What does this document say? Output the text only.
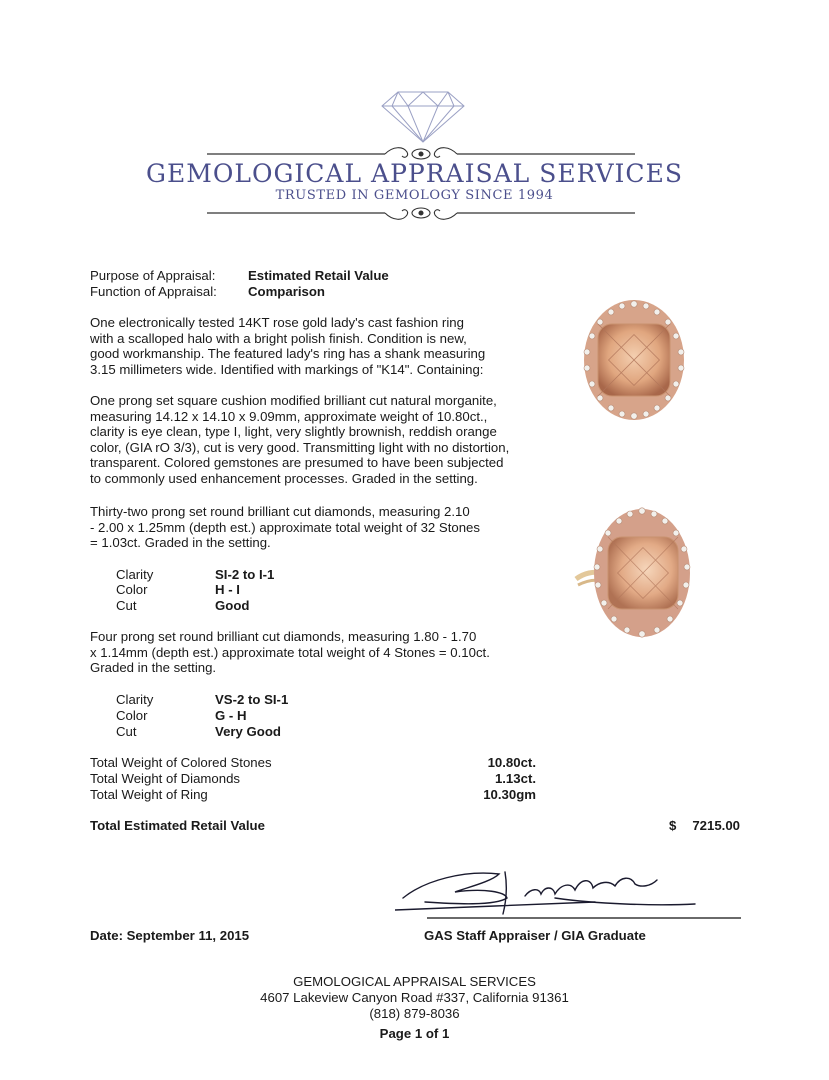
GEMOLOGICAL APPRAISAL SERVICES
TRUSTED IN GEMOLOGY SINCE 1994
Purpose of Appraisal: Estimated Retail Value
Function of Appraisal: Comparison
One electronically tested 14KT rose gold lady's cast fashion ring
with a scalloped halo with a bright polish finish. Condition is new,
good workmanship. The featured lady's ring has a shank measuring
3.15 millimeters wide. Identified with markings of "K14". Containing:
One prong set square cushion modified brilliant cut natural morganite,
measuring 14.12 x 14.10 x 9.09mm, approximate weight of 10.80ct.,
clarity is eye clean, type I, light, very slightly brownish, reddish orange
color, (GIA rO 3/3), cut is very good. Transmitting light with no distortion,
transparent. Colored gemstones are presumed to have been subjected
to commonly used enhancement processes. Graded in the setting.
Thirty-two prong set round brilliant cut diamonds, measuring 2.10
- 2.00 x 1.25mm (depth est.) approximate total weight of 32 Stones
= 1.03ct. Graded in the setting.
Clarity	SI-2 to I-1
Color	H - I
Cut	Good
Four prong set round brilliant cut diamonds, measuring 1.80 - 1.70
x 1.14mm (depth est.) approximate total weight of 4 Stones = 0.10ct.
Graded in the setting.
Clarity	VS-2 to SI-1
Color	G - H
Cut	Very Good
Total Weight of Colored Stones	10.80ct.
Total Weight of Diamonds	1.13ct.
Total Weight of Ring	10.30gm
Total Estimated Retail Value	$	7215.00
Date: September 11, 2015	GAS Staff Appraiser / GIA Graduate
GEMOLOGICAL APPRAISAL SERVICES
4607 Lakeview Canyon Road #337, California 91361
(818) 879-8036
Page 1 of 1
